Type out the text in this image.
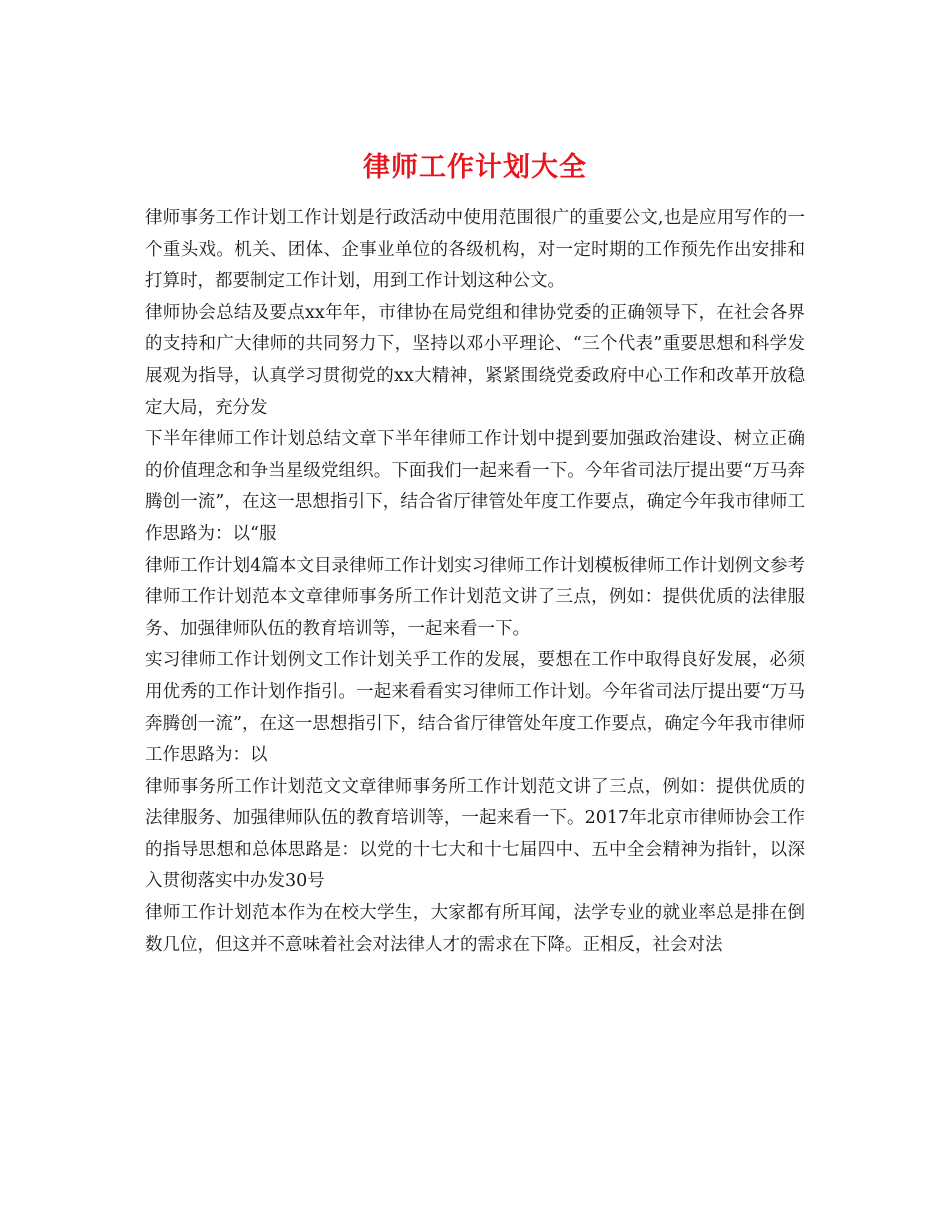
律师工作计划大全

律师事务工作计划工作计划是行政活动中使用范围很广的重要公文,也是应用写作的一个重头戏。机关、团体、企事业单位的各级机构，对一定时期的工作预先作出安排和打算时，都要制定工作计划，用到工作计划这种公文。

律师协会总结及要点xx年年，市律协在局党组和律协党委的正确领导下，在社会各界的支持和广大律师的共同努力下，坚持以邓小平理论、“三个代表”重要思想和科学发展观为指导，认真学习贯彻党的xx大精神，紧紧围绕党委政府中心工作和改革开放稳定大局，充分发

下半年律师工作计划总结文章下半年律师工作计划中提到要加强政治建设、树立正确的价值理念和争当星级党组织。下面我们一起来看一下。今年省司法厅提出要“万马奔腾创一流”，在这一思想指引下，结合省厅律管处年度工作要点，确定今年我市律师工作思路为：以“服

律师工作计划4篇本文目录律师工作计划实习律师工作计划模板律师工作计划例文参考律师工作计划范本文章律师事务所工作计划范文讲了三点，例如：提供优质的法律服务、加强律师队伍的教育培训等，一起来看一下。

实习律师工作计划例文工作计划关乎工作的发展，要想在工作中取得良好发展，必须用优秀的工作计划作指引。一起来看看实习律师工作计划。今年省司法厅提出要“万马奔腾创一流”，在这一思想指引下，结合省厅律管处年度工作要点，确定今年我市律师工作思路为：以

律师事务所工作计划范文文章律师事务所工作计划范文讲了三点，例如：提供优质的法律服务、加强律师队伍的教育培训等，一起来看一下。2017年北京市律师协会工作的指导思想和总体思路是：以党的十七大和十七届四中、五中全会精神为指针，以深入贯彻落实中办发30号

律师工作计划范本作为在校大学生，大家都有所耳闻，法学专业的就业率总是排在倒数几位，但这并不意味着社会对法律人才的需求在下降。正相反，社会对法
